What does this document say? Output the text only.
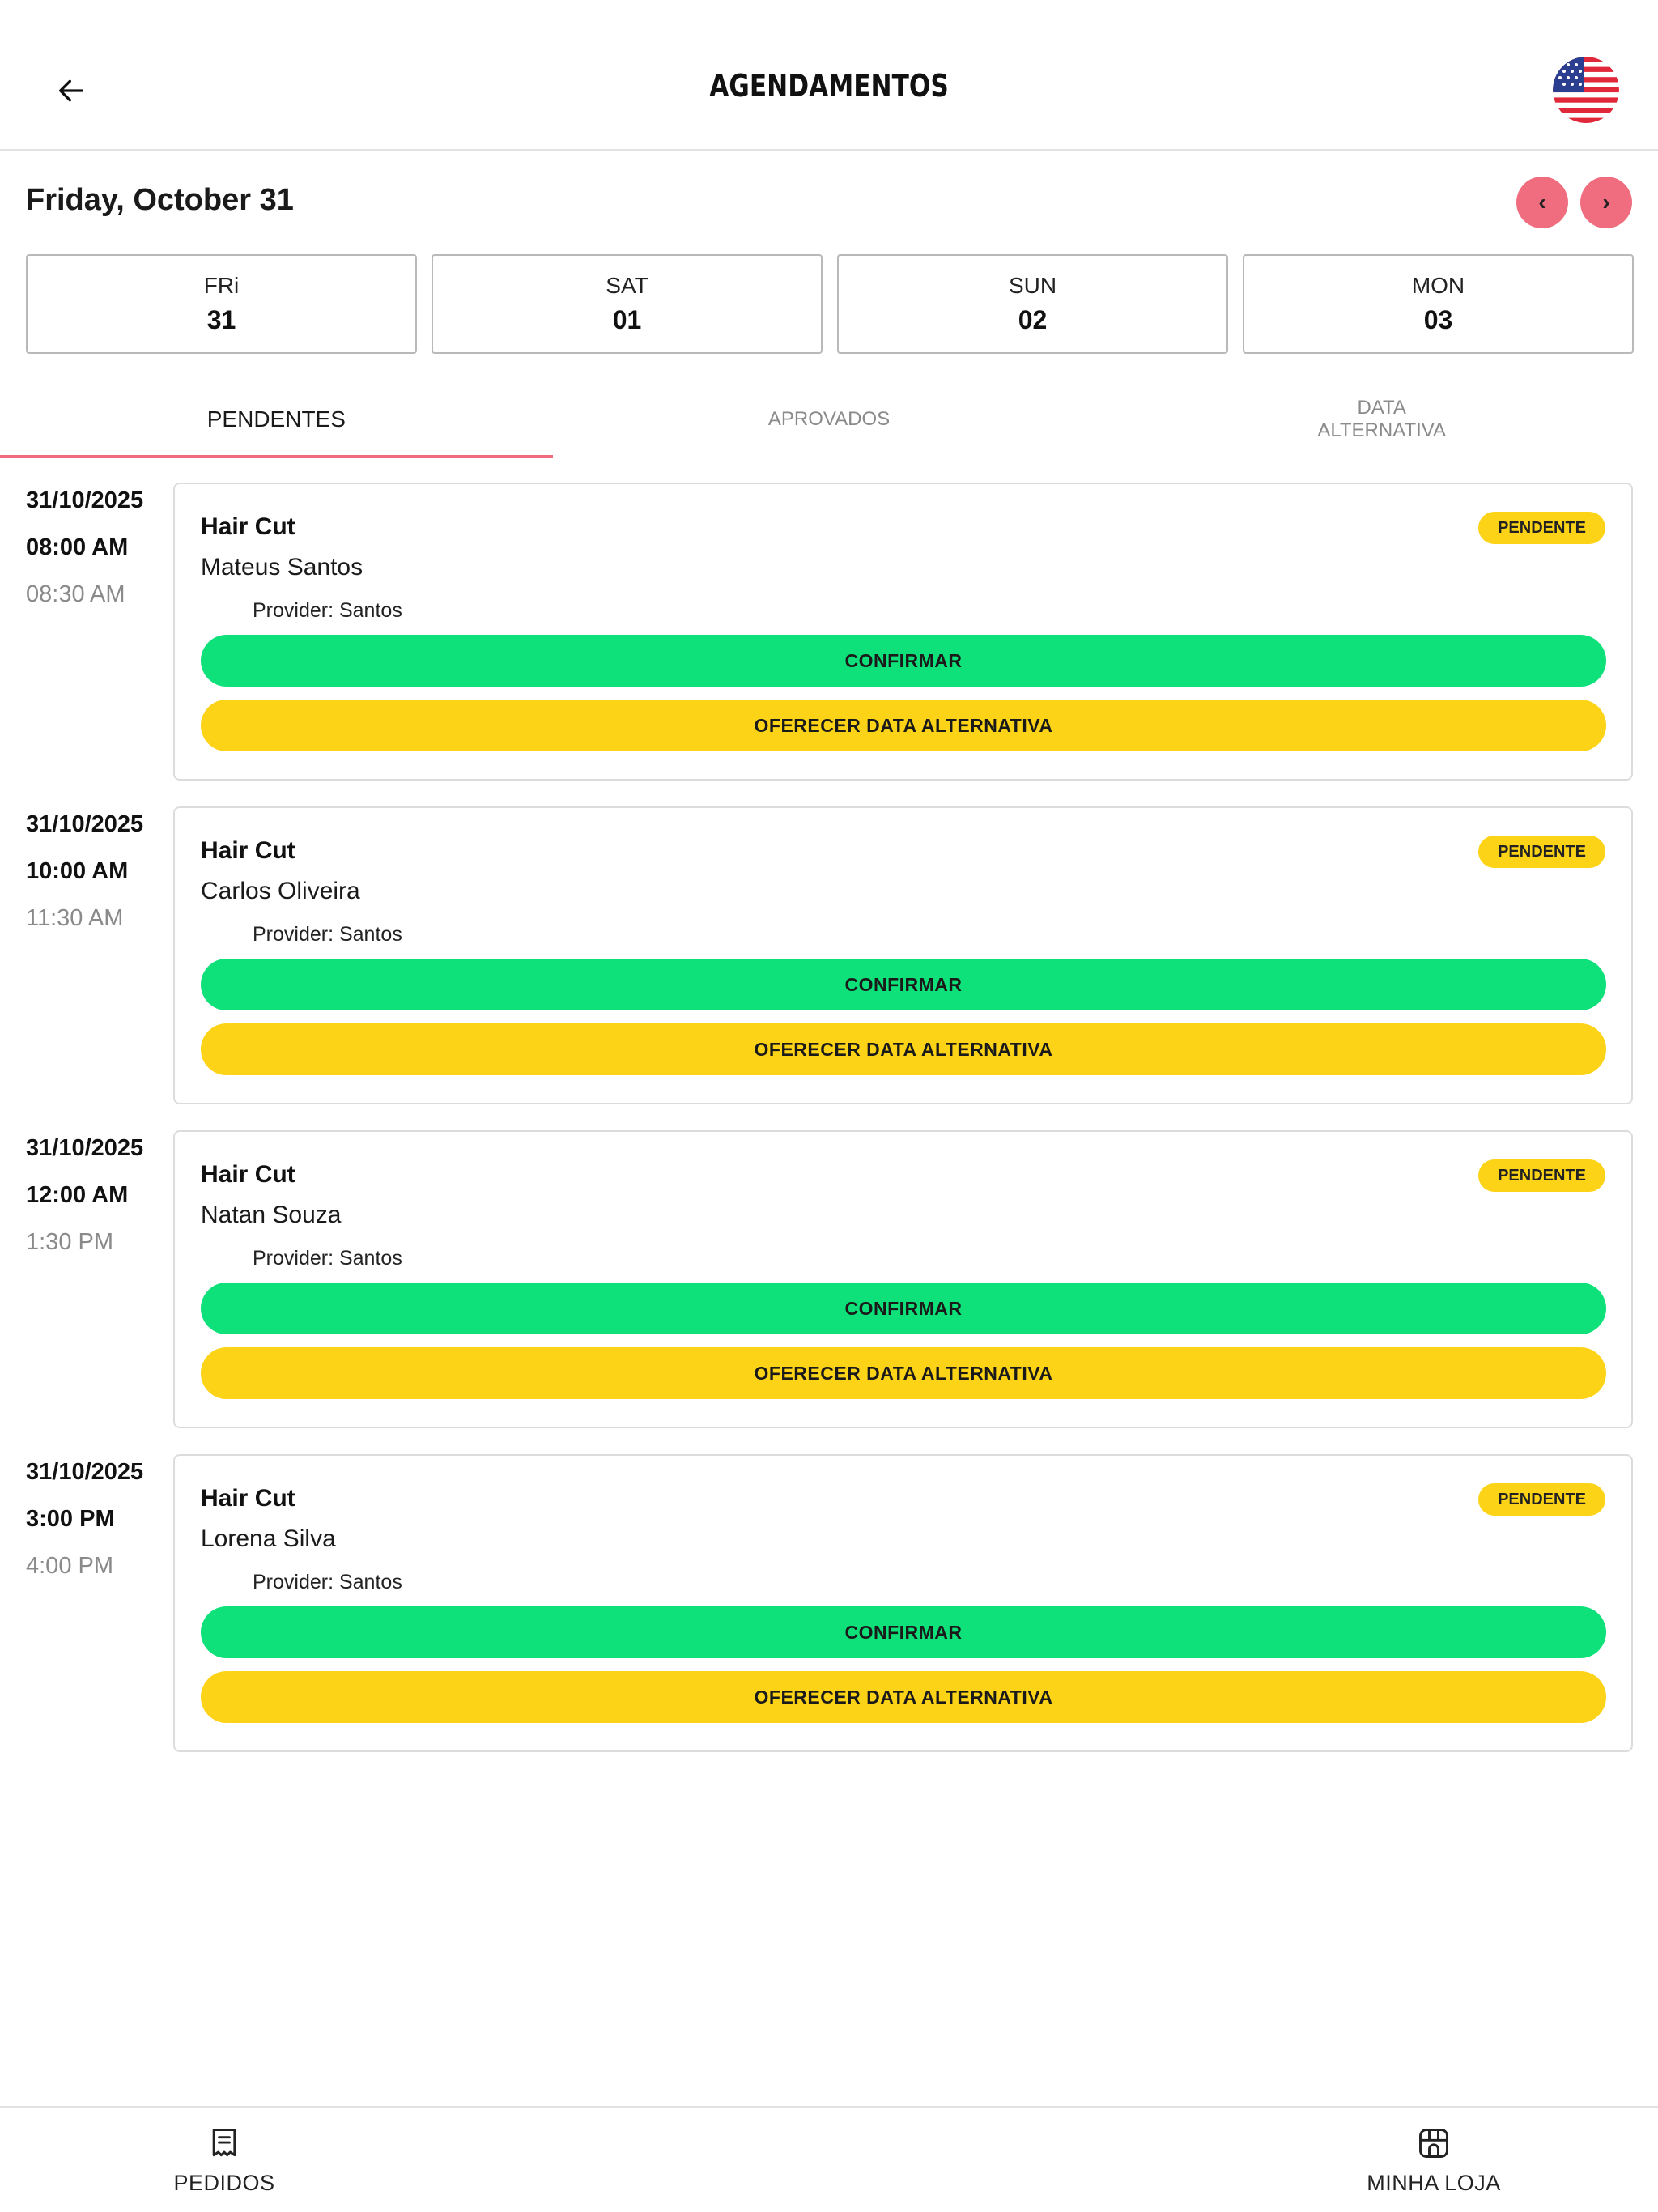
AGENDAMENTOS
Friday, October 31	‹ ›
FRi
31
SAT
01
SUN
02
MON
03
PENDENTES	APROVADOS
DATA ALTERNATIVA
31/10/2025
08:00 AM
08:30 AM
Hair Cut	PENDENTE
Mateus Santos
Provider: Santos
CONFIRMAR
OFERECER DATA ALTERNATIVA
31/10/2025
10:00 AM
11:30 AM
Hair Cut	PENDENTE
Carlos Oliveira
Provider: Santos
CONFIRMAR
OFERECER DATA ALTERNATIVA
31/10/2025
12:00 AM
1:30 PM
Hair Cut	PENDENTE
Natan Souza
Provider: Santos
CONFIRMAR
OFERECER DATA ALTERNATIVA
31/10/2025
3:00 PM
4:00 PM
Hair Cut	PENDENTE
Lorena Silva
Provider: Santos
CONFIRMAR
OFERECER DATA ALTERNATIVA
PEDIDOS	MINHA LOJA
